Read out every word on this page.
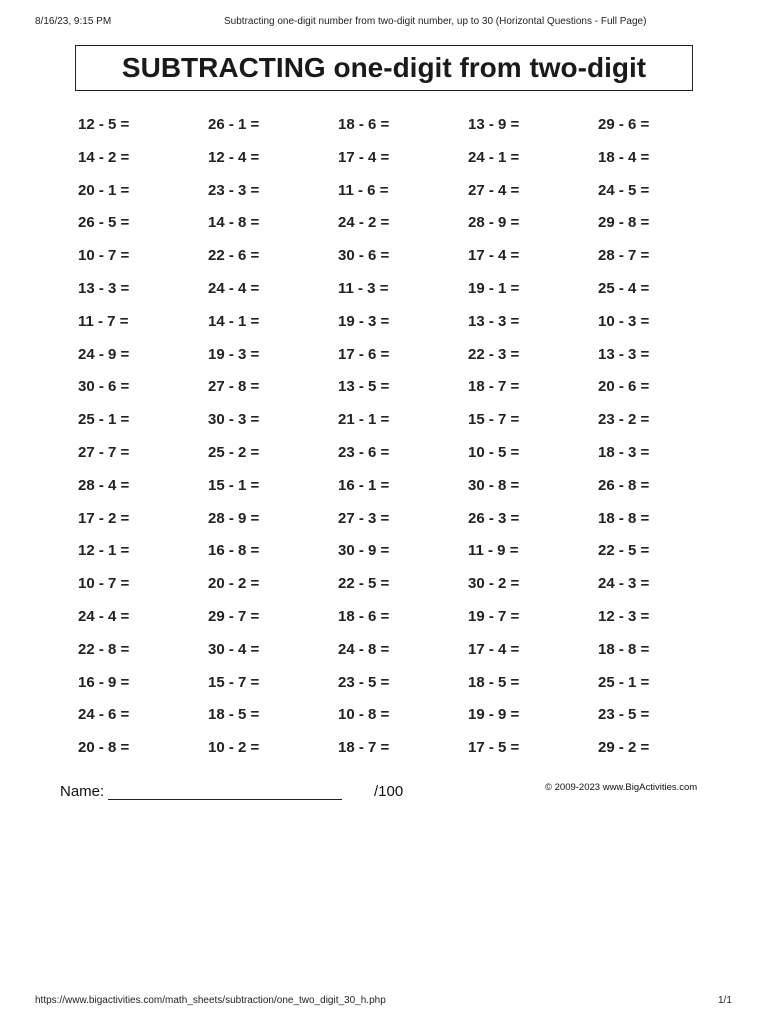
8/16/23, 9:15 PM	Subtracting one-digit number from two-digit number, up to 30 (Horizontal Questions - Full Page)
SUBTRACTING one-digit from two-digit
12 - 5 =	26 - 1 =	18 - 6 =	13 - 9 =	29 - 6 =
14 - 2 =	12 - 4 =	17 - 4 =	24 - 1 =	18 - 4 =
20 - 1 =	23 - 3 =	11 - 6 =	27 - 4 =	24 - 5 =
26 - 5 =	14 - 8 =	24 - 2 =	28 - 9 =	29 - 8 =
10 - 7 =	22 - 6 =	30 - 6 =	17 - 4 =	28 - 7 =
13 - 3 =	24 - 4 =	11 - 3 =	19 - 1 =	25 - 4 =
11 - 7 =	14 - 1 =	19 - 3 =	13 - 3 =	10 - 3 =
24 - 9 =	19 - 3 =	17 - 6 =	22 - 3 =	13 - 3 =
30 - 6 =	27 - 8 =	13 - 5 =	18 - 7 =	20 - 6 =
25 - 1 =	30 - 3 =	21 - 1 =	15 - 7 =	23 - 2 =
27 - 7 =	25 - 2 =	23 - 6 =	10 - 5 =	18 - 3 =
28 - 4 =	15 - 1 =	16 - 1 =	30 - 8 =	26 - 8 =
17 - 2 =	28 - 9 =	27 - 3 =	26 - 3 =	18 - 8 =
12 - 1 =	16 - 8 =	30 - 9 =	11 - 9 =	22 - 5 =
10 - 7 =	20 - 2 =	22 - 5 =	30 - 2 =	24 - 3 =
24 - 4 =	29 - 7 =	18 - 6 =	19 - 7 =	12 - 3 =
22 - 8 =	30 - 4 =	24 - 8 =	17 - 4 =	18 - 8 =
16 - 9 =	15 - 7 =	23 - 5 =	18 - 5 =	25 - 1 =
24 - 6 =	18 - 5 =	10 - 8 =	19 - 9 =	23 - 5 =
20 - 8 =	10 - 2 =	18 - 7 =	17 - 5 =	29 - 2 =
Name:	/100	© 2009-2023 www.BigActivities.com
https://www.bigactivities.com/math_sheets/subtraction/one_two_digit_30_h.php	1/1
